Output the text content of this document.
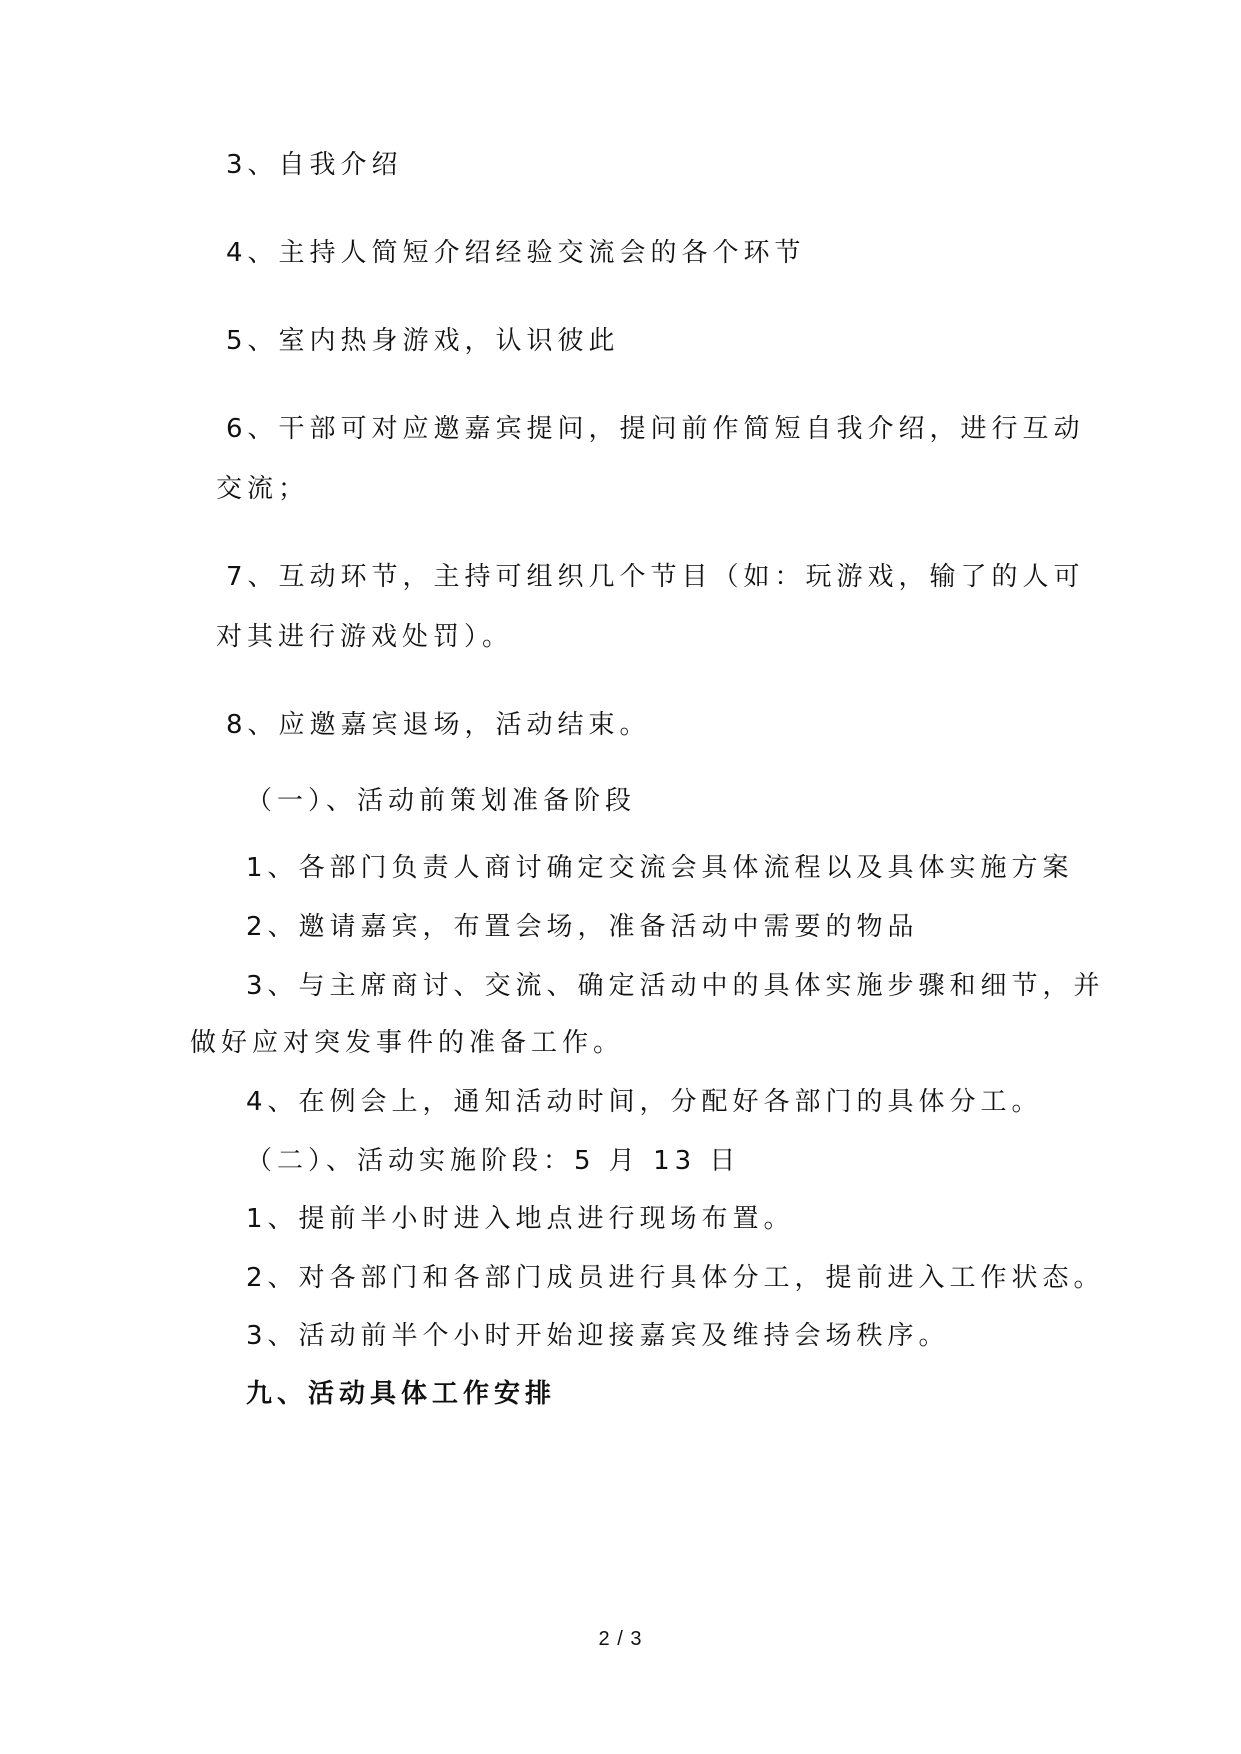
3、自我介绍
4、主持人简短介绍经验交流会的各个环节
5、室内热身游戏，认识彼此
6、干部可对应邀嘉宾提问，提问前作简短自我介绍，进行互动
交流；
7、互动环节，主持可组织几个节目（如：玩游戏，输了的人可
对其进行游戏处罚）。
8、应邀嘉宾退场，活动结束。
（一）、活动前策划准备阶段
1、各部门负责人商讨确定交流会具体流程以及具体实施方案
2、邀请嘉宾，布置会场，准备活动中需要的物品
3、与主席商讨、交流、确定活动中的具体实施步骤和细节，并
做好应对突发事件的准备工作。
4、在例会上，通知活动时间，分配好各部门的具体分工。
（二）、活动实施阶段：5 月 13 日
1、提前半小时进入地点进行现场布置。
2、对各部门和各部门成员进行具体分工，提前进入工作状态。
3、活动前半个小时开始迎接嘉宾及维持会场秩序。
九、活动具体工作安排
2 / 3
